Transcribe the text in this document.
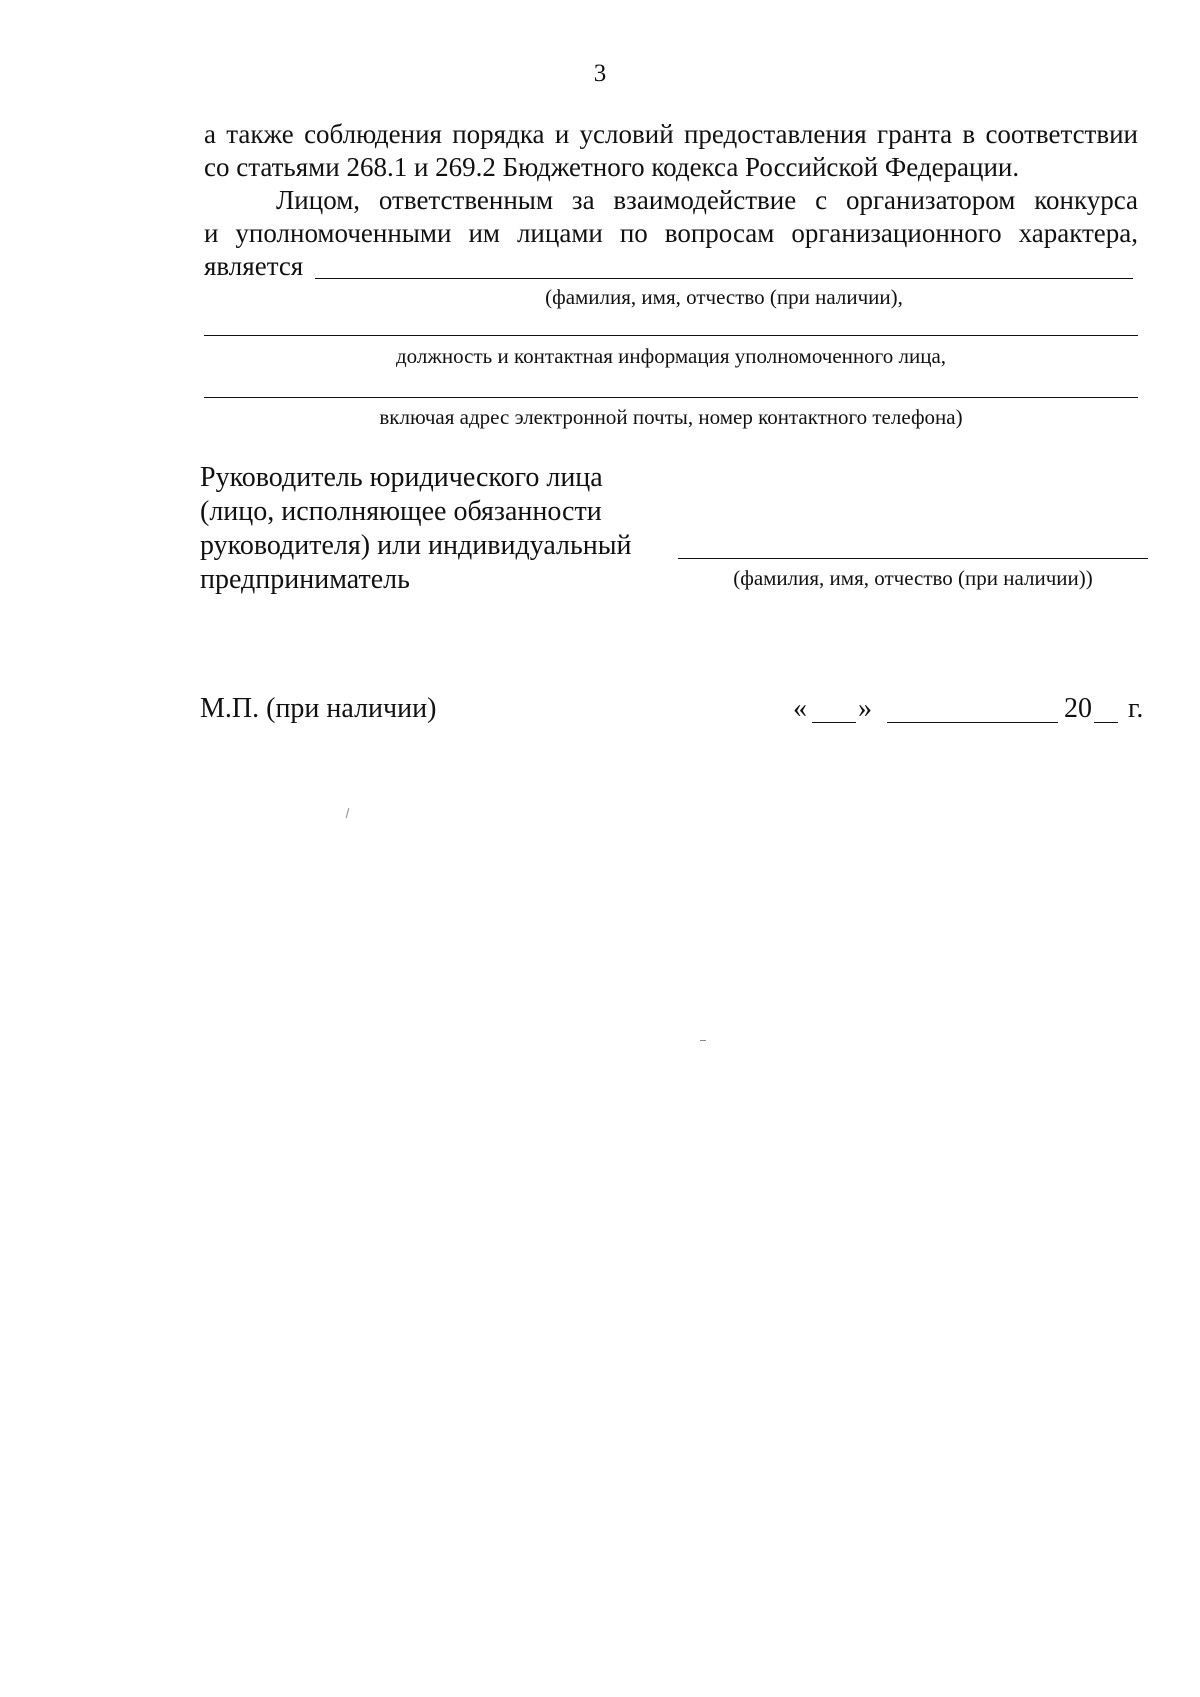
3
а также соблюдения порядка и условий предоставления гранта в соответствии
со статьями 268.1 и 269.2 Бюджетного кодекса Российской Федерации.
Лицом, ответственным за взаимодействие с организатором конкурса
и уполномоченными им лицами по вопросам организационного характера,
является
(фамилия, имя, отчество (при наличии),
должность и контактная информация уполномоченного лица,
включая адрес электронной почты, номер контактного телефона)
Руководитель юридического лица
(лицо, исполняющее обязанности
руководителя) или индивидуальный
предприниматель	(фамилия, имя, отчество (при наличии))
М.П. (при наличии)	« »	20 г.
